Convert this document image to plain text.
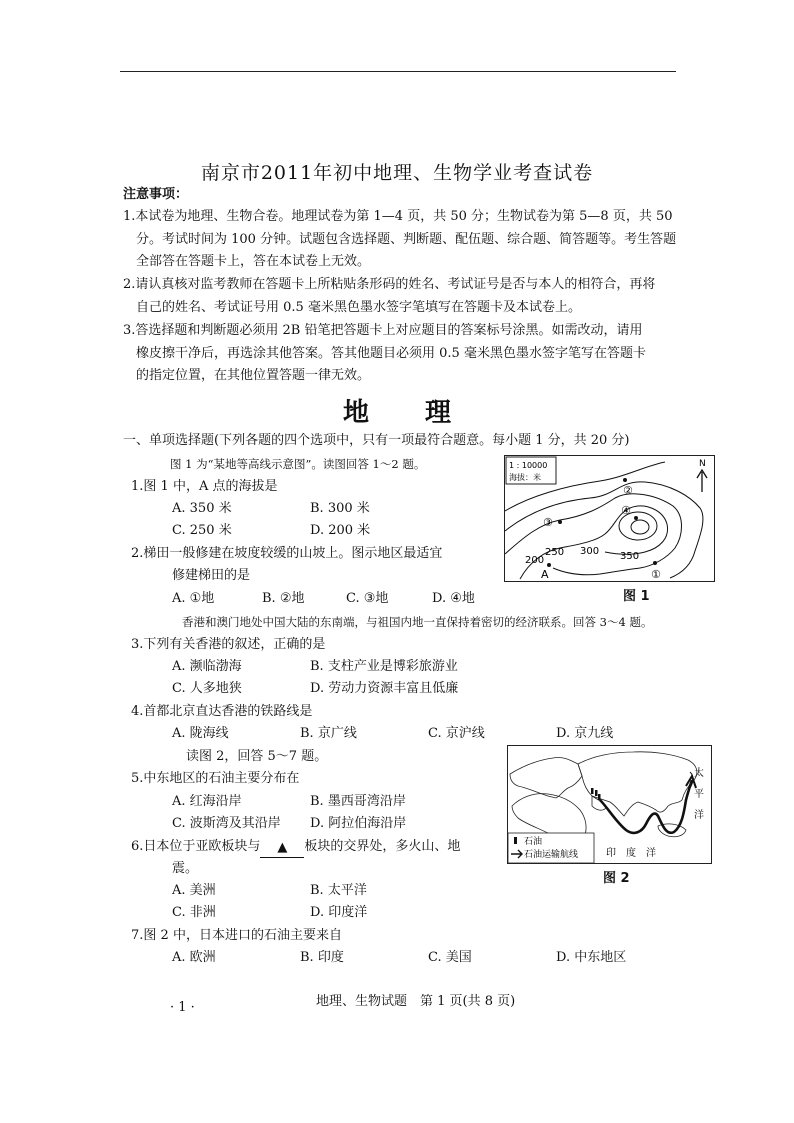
南京市2011年初中地理、生物学业考查试卷
注意事项：
1.本试卷为地理、生物合卷。地理试卷为第 1—4 页，共 50 分；生物试卷为第 5—8 页，共 50
分。考试时间为 100 分钟。试题包含选择题、判断题、配伍题、综合题、简答题等。考生答题
全部答在答题卡上，答在本试卷上无效。
2.请认真核对监考教师在答题卡上所粘贴条形码的姓名、考试证号是否与本人的相符合，再将
自己的姓名、考试证号用 0.5 毫米黑色墨水签字笔填写在答题卡及本试卷上。
3.答选择题和判断题必须用 2B 铅笔把答题卡上对应题目的答案标号涂黑。如需改动，请用
橡皮擦干净后，再选涂其他答案。答其他题目必须用 0.5 毫米黑色墨水签字笔写在答题卡
的指定位置，在其他位置答题一律无效。
地 理
一、单项选择题(下列各题的四个选项中，只有一项最符合题意。每小题 1 分，共 20 分)
图 1 为“某地等高线示意图”。读图回答 1～2 题。
1.图 1 中，A 点的海拔是
A. 350 米	B. 300 米
C. 250 米	D. 200 米
2.梯田一般修建在坡度较缓的山坡上。图示地区最适宜
修建梯田的是
A. ①地	B. ②地	C. ③地	D. ④地
香港和澳门地处中国大陆的东南端，与祖国内地一直保持着密切的经济联系。回答 3～4 题。
3.下列有关香港的叙述，正确的是
A. 濒临渤海	B. 支柱产业是博彩旅游业
C. 人多地狭	D. 劳动力资源丰富且低廉
4.首都北京直达香港的铁路线是
A. 陇海线	B. 京广线	C. 京沪线	D. 京九线
读图 2，回答 5～7 题。
5.中东地区的石油主要分布在
A. 红海沿岸	B. 墨西哥湾沿岸
C. 波斯湾及其沿岸 D. 阿拉伯海沿岸
6.日本位于亚欧板块与 ▲ 板块的交界处，多火山、地
震。
A. 美洲	B. 太平洋
C. 非洲	D. 印度洋
7.图 2 中，日本进口的石油主要来自
A. 欧洲	B. 印度	C. 美国	D. 中东地区
1 : 10000
海拔：米
N
200
250 300 350
②
③
④
①
A
图 1
太
平
洋
印　度　洋
石油
石油运输航线
图 2
· 1 ·	地理、生物试题　第 1 页(共 8 页)
